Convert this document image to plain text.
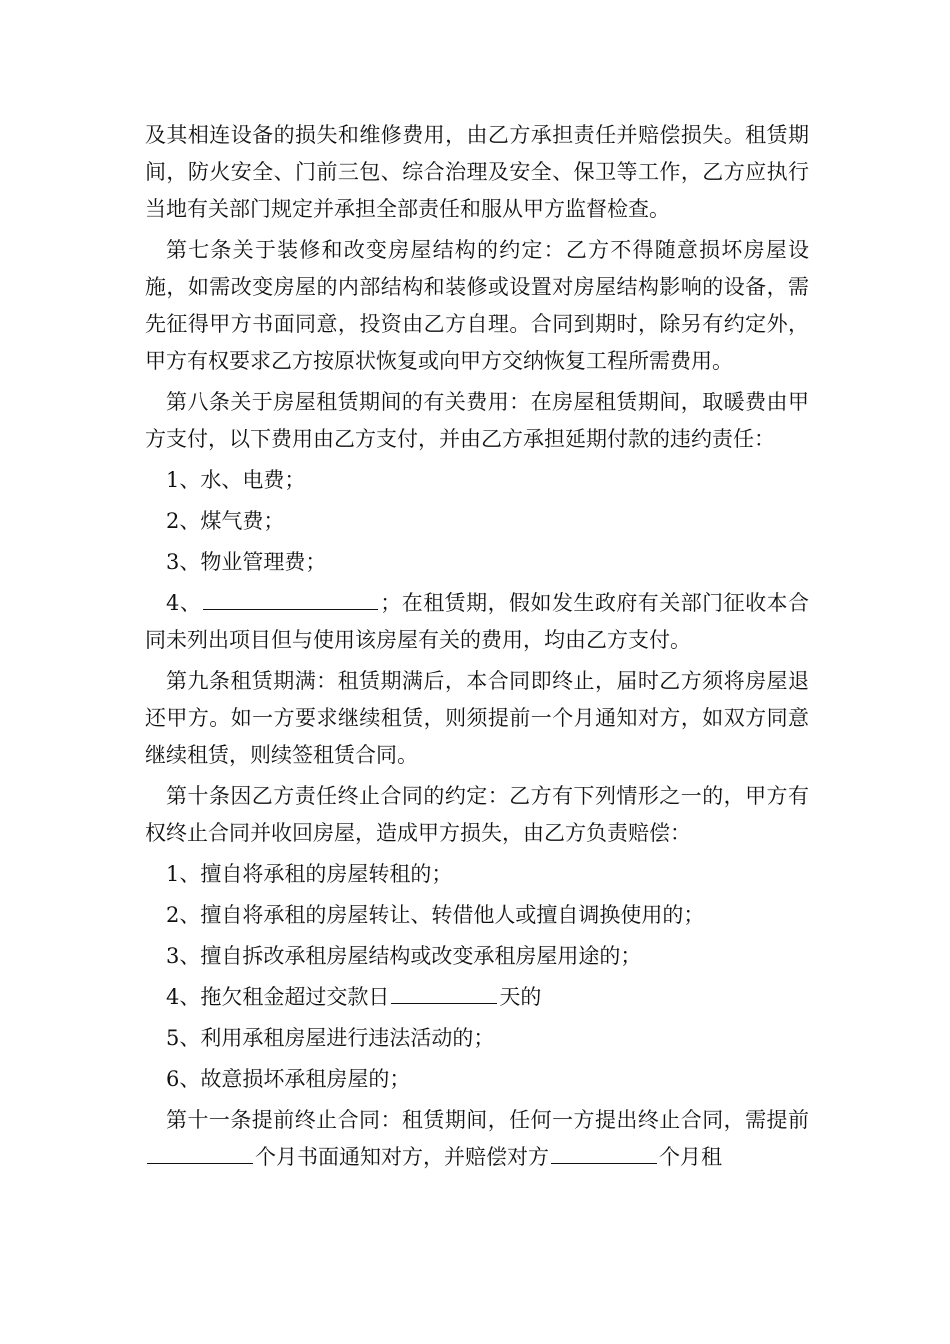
及其相连设备的损失和维修费用，由乙方承担责任并赔偿损失。租赁期间，防火安全、门前三包、综合治理及安全、保卫等工作，乙方应执行当地有关部门规定并承担全部责任和服从甲方监督检查。

第七条关于装修和改变房屋结构的约定：乙方不得随意损坏房屋设施，如需改变房屋的内部结构和装修或设置对房屋结构影响的设备，需先征得甲方书面同意，投资由乙方自理。合同到期时，除另有约定外，甲方有权要求乙方按原状恢复或向甲方交纳恢复工程所需费用。

第八条关于房屋租赁期间的有关费用：在房屋租赁期间，取暖费由甲方支付，以下费用由乙方支付，并由乙方承担延期付款的违约责任：

1、水、电费；

2、煤气费；

3、物业管理费；

4、	；在租赁期，假如发生政府有关部门征收本合同未列出项目但与使用该房屋有关的费用，均由乙方支付。

第九条租赁期满：租赁期满后，本合同即终止，届时乙方须将房屋退还甲方。如一方要求继续租赁，则须提前一个月通知对方，如双方同意继续租赁，则续签租赁合同。

第十条因乙方责任终止合同的约定：乙方有下列情形之一的，甲方有权终止合同并收回房屋，造成甲方损失，由乙方负责赔偿：

1、擅自将承租的房屋转租的；

2、擅自将承租的房屋转让、转借他人或擅自调换使用的；

3、擅自拆改承租房屋结构或改变承租房屋用途的；

4、拖欠租金超过交款日	天的

5、利用承租房屋进行违法活动的；

6、故意损坏承租房屋的；

第十一条提前终止合同：租赁期间，任何一方提出终止合同，需提前个月书面通知对方，并赔偿对方	个月租
